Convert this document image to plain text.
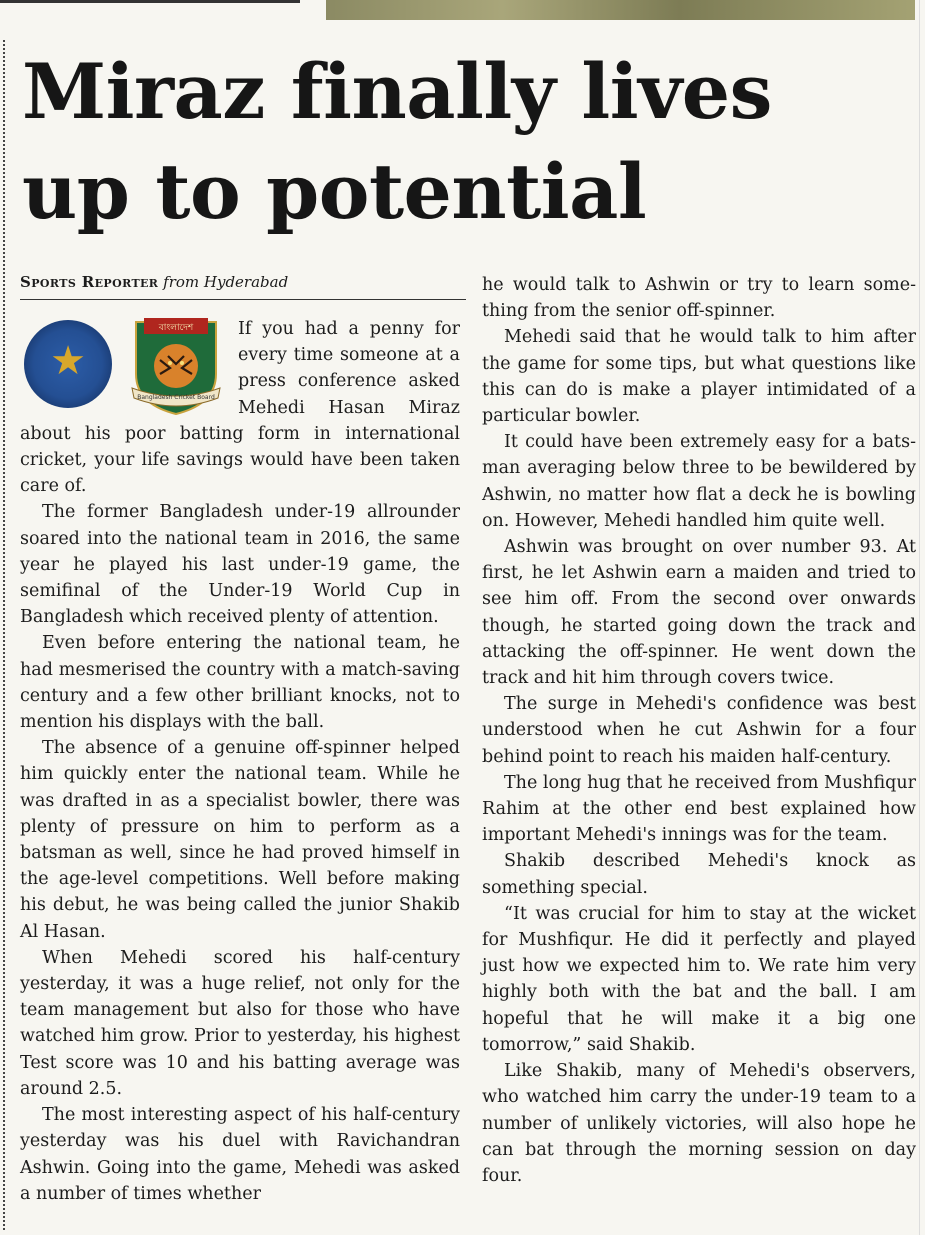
Miraz finally lives up to potential
Sports Reporter from Hyderabad
★
বাংলাদেশ
Bangladesh Cricket Board

If you had a penny for every time someone at a press conference asked Mehedi Hasan Miraz about his poor batting form in international cricket, your life savings would have been taken care of.

The former Bangladesh under-19 allrounder soared into the national team in 2016, the same year he played his last under-19 game, the semifinal of the Under-19 World Cup in Bangladesh which received plenty of attention.

Even before entering the national team, he had mesmerised the country with a match-saving century and a few other brilliant knocks, not to mention his displays with the ball.

The absence of a genuine off-spinner helped him quickly enter the national team. While he was drafted in as a specialist bowler, there was plenty of pressure on him to perform as a batsman as well, since he had proved himself in the age-level competitions. Well before making his debut, he was being called the junior Shakib Al Hasan.

When Mehedi scored his half-century yesterday, it was a huge relief, not only for the team management but also for those who have watched him grow. Prior to yesterday, his highest Test score was 10 and his batting average was around 2.5.

The most interesting aspect of his half-century yesterday was his duel with Ravichandran Ashwin. Going into the game, Mehedi was asked a number of times whether

he would talk to Ashwin or try to learn something from the senior off-spinner.

Mehedi said that he would talk to him after the game for some tips, but what questions like this can do is make a player intimidated of a particular bowler.

It could have been extremely easy for a batsman averaging below three to be bewildered by Ashwin, no matter how flat a deck he is bowling on. However, Mehedi handled him quite well.

Ashwin was brought on over number 93. At first, he let Ashwin earn a maiden and tried to see him off. From the second over onwards though, he started going down the track and attacking the off-spinner. He went down the track and hit him through covers twice.

The surge in Mehedi's confidence was best understood when he cut Ashwin for a four behind point to reach his maiden half-century.

The long hug that he received from Mushfiqur Rahim at the other end best explained how important Mehedi's innings was for the team.

Shakib described Mehedi's knock as something special.

“It was crucial for him to stay at the wicket for Mushfiqur. He did it perfectly and played just how we expected him to. We rate him very highly both with the bat and the ball. I am hopeful that he will make it a big one tomorrow,” said Shakib.

Like Shakib, many of Mehedi's observers, who watched him carry the under-19 team to a number of unlikely victories, will also hope he can bat through the morning session on day four.
